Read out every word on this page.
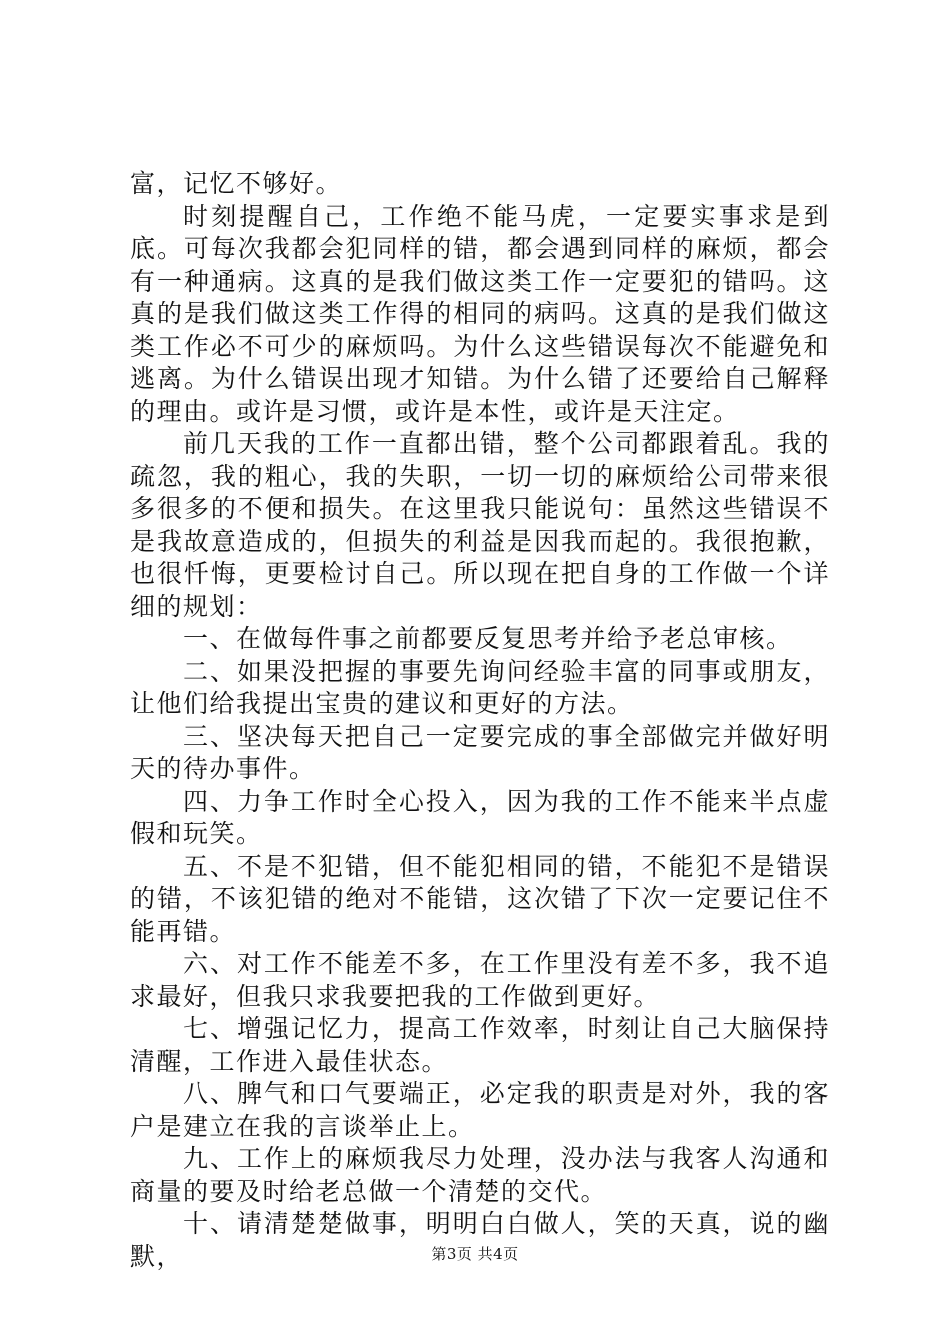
富，记忆不够好。

时刻提醒自己，工作绝不能马虎，一定要实事求是到底。可每次我都会犯同样的错，都会遇到同样的麻烦，都会有一种通病。这真的是我们做这类工作一定要犯的错吗。这真的是我们做这类工作得的相同的病吗。这真的是我们做这类工作必不可少的麻烦吗。为什么这些错误每次不能避免和逃离。为什么错误出现才知错。为什么错了还要给自己解释的理由。或许是习惯，或许是本性，或许是天注定。

前几天我的工作一直都出错，整个公司都跟着乱。我的疏忽，我的粗心，我的失职，一切一切的麻烦给公司带来很多很多的不便和损失。在这里我只能说句：虽然这些错误不是我故意造成的，但损失的利益是因我而起的。我很抱歉，也很忏悔，更要检讨自己。所以现在把自身的工作做一个详细的规划：

一、在做每件事之前都要反复思考并给予老总审核。

二、如果没把握的事要先询问经验丰富的同事或朋友，让他们给我提出宝贵的建议和更好的方法。

三、坚决每天把自己一定要完成的事全部做完并做好明天的待办事件。

四、力争工作时全心投入，因为我的工作不能来半点虚假和玩笑。

五、不是不犯错，但不能犯相同的错，不能犯不是错误的错，不该犯错的绝对不能错，这次错了下次一定要记住不能再错。

六、对工作不能差不多，在工作里没有差不多，我不追求最好，但我只求我要把我的工作做到更好。

七、增强记忆力，提高工作效率，时刻让自己大脑保持清醒，工作进入最佳状态。

八、脾气和口气要端正，必定我的职责是对外，我的客户是建立在我的言谈举止上。

九、工作上的麻烦我尽力处理，没办法与我客人沟通和商量的要及时给老总做一个清楚的交代。

十、请清楚楚做事，明明白白做人，笑的天真，说的幽默，	第3页 共4页
